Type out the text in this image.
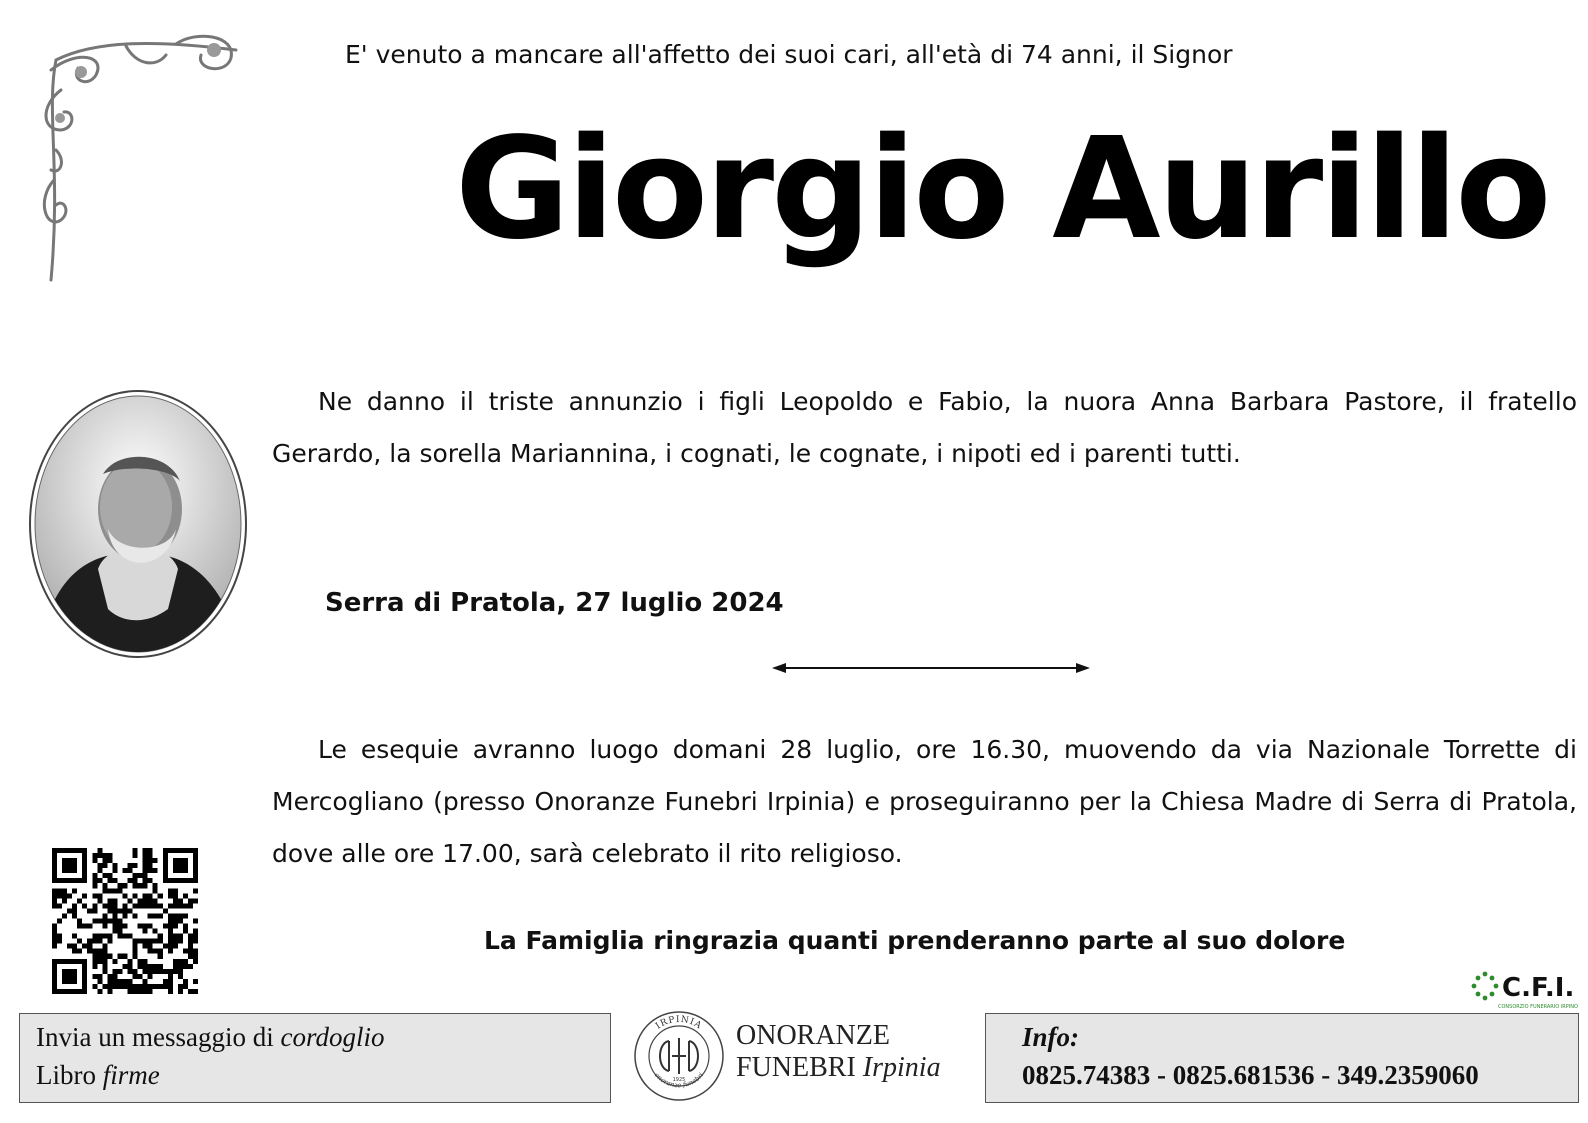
E' venuto a mancare all'affetto dei suoi cari, all'età di 74 anni, il Signor
Giorgio Aurillo
Ne danno il triste annunzio i figli Leopoldo e Fabio, la nuora Anna Barbara Pastore, il fratello Gerardo, la sorella Mariannina, i cognati, le cognate, i nipoti ed i parenti tutti.
Serra di Pratola, 27 luglio 2024
Le esequie avranno luogo domani 28 luglio, ore 16.30, muovendo da via Nazionale Torrette di Mercogliano (presso Onoranze Funebri Irpinia) e proseguiranno per la Chiesa Madre di Serra di Pratola, dove alle ore 17.00, sarà celebrato il rito religioso.
La Famiglia ringrazia quanti prenderanno parte al suo dolore
C.F.I.
CONSORZIO FUNERARIO IRPINO
Invia un messaggio di cordoglio
Libro firme
IRPINIA
onoranze funebri
1925
ONORANZE
FUNEBRI Irpinia
Info:
0825.74383 - 0825.681536 - 349.2359060
